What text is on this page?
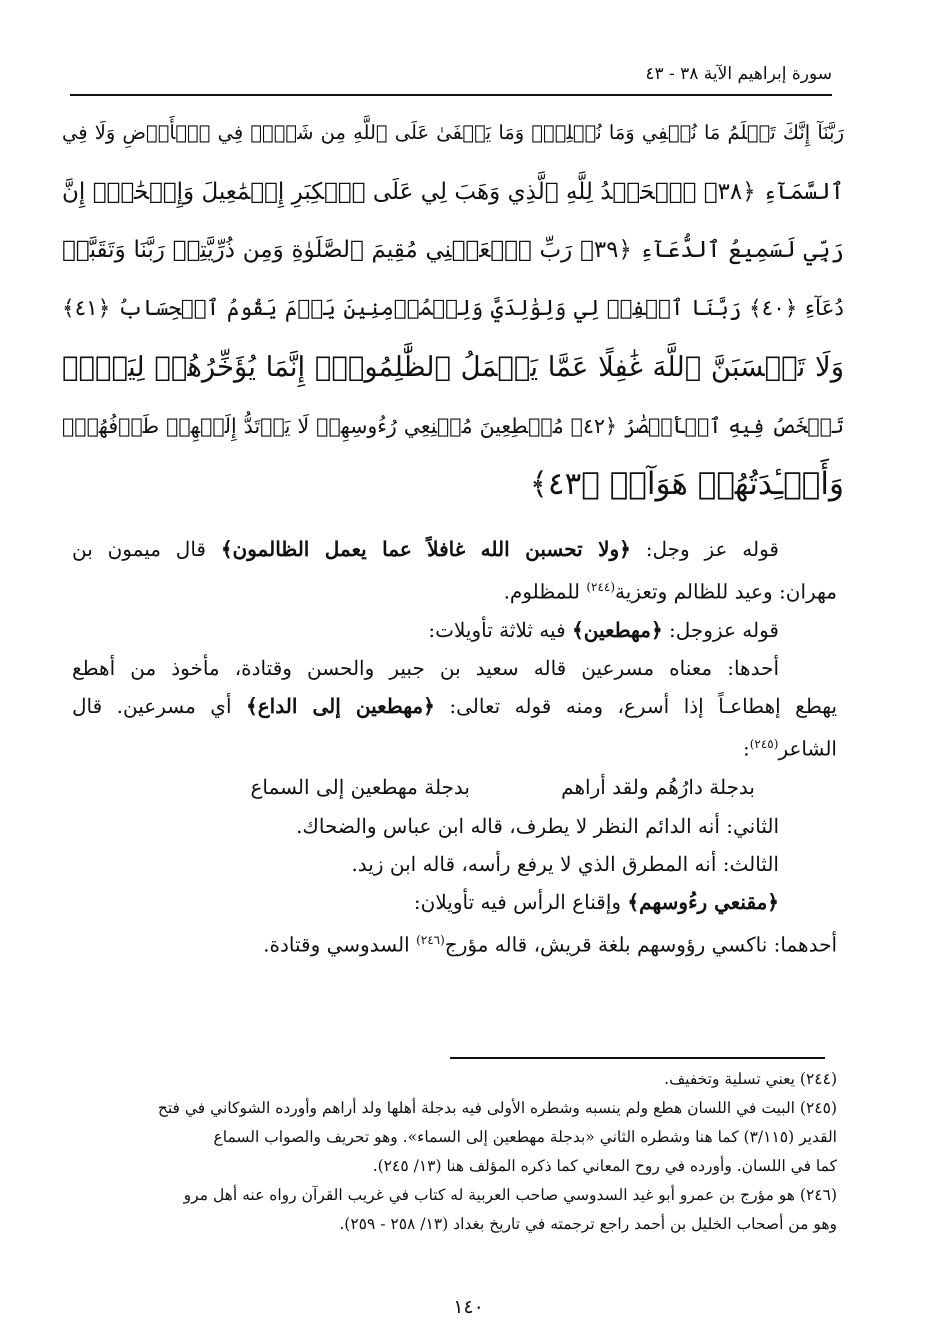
سورة إبراهيم الآية ٣٨ - ٤٣
رَبَّنَآ إِنَّكَ تَعۡلَمُ مَا نُخۡفِي وَمَا نُعۡلِنُۗ وَمَا يَخۡفَىٰ عَلَى ٱللَّهِ مِن شَيۡءٖ فِي ٱلۡأَرۡضِ وَلَا فِي
ٱلسَّمَآءِ ﴿٣٨﴾ ٱلۡحَمۡدُ لِلَّهِ ٱلَّذِي وَهَبَ لِي عَلَى ٱلۡكِبَرِ إِسۡمَٰعِيلَ وَإِسۡحَٰقَۚ إِنَّ
رَبِّي لَسَمِيعُ ٱلدُّعَآءِ ﴿٣٩﴾ رَبِّ ٱجۡعَلۡنِي مُقِيمَ ٱلصَّلَوٰةِ وَمِن ذُرِّيَّتِيۚ رَبَّنَا وَتَقَبَّلۡ
دُعَآءِ ﴿٤٠﴾ رَبَّنَا ٱغۡفِرۡ لِي وَلِوَٰلِدَيَّ وَلِلۡمُؤۡمِنِينَ يَوۡمَ يَقُومُ ٱلۡحِسَابُ ﴿٤١﴾
وَلَا تَحۡسَبَنَّ ٱللَّهَ غَٰفِلًا عَمَّا يَعۡمَلُ ٱلظَّٰلِمُونَۚ إِنَّمَا يُؤَخِّرُهُمۡ لِيَوۡمٖ
تَشۡخَصُ فِيهِ ٱلۡأَبۡصَٰرُ ﴿٤٢﴾ مُهۡطِعِينَ مُقۡنِعِي رُءُوسِهِمۡ لَا يَرۡتَدُّ إِلَيۡهِمۡ طَرۡفُهُمۡۖ
وَأَفۡـِٔدَتُهُمۡ هَوَآءٞ ﴿٤٣﴾

قوله عز وجل: ﴿ولا تحسبن الله غافلاً عما يعمل الظالمون﴾ قال ميمون بن

مهران: وعيد للظالم وتعزية$^{(٢٤٤)}$ للمظلوم.

قوله عزوجل: ﴿مهطعين﴾ فيه ثلاثة تأويلات:

أحدها: معناه مسرعين قاله سعيد بن جبير والحسن وقتادة، مأخوذ من أهطع

يهطع إهطاعـاً إذا أسرع، ومنه قوله تعالى: ﴿مهطعين إلى الداع﴾ أي مسرعين. قال

الشاعر$^{(٢٤٥)}$:

بدجلة دارُهُم ولقد أراهم
بدجلة مهطعين إلى السماع

الثاني: أنه الدائم النظر لا يطرف، قاله ابن عباس والضحاك.

الثالث: أنه المطرق الذي لا يرفع رأسه، قاله ابن زيد.

﴿مقنعي رءُوسهم﴾ وإقناع الرأس فيه تأويلان:

أحدهما: ناكسي رؤوسهم بلغة قريش، قاله مؤرج$^{(٢٤٦)}$ السدوسي وقتادة.

(٢٤٤) يعني تسلية وتخفيف.

(٢٤٥) البيت في اللسان هطع ولم ينسبه وشطره الأولى فيه بدجلة أهلها ولد أراهم وأورده الشوكاني في فتح

القدير (٣/١١٥) كما هنا وشطره الثاني «بدجلة مهطعين إلى السماء». وهو تحريف والصواب السماع

كما في اللسان. وأورده في روح المعاني كما ذكره المؤلف هنا (١٣/ ٢٤٥).

(٢٤٦) هو مؤرج بن عمرو أبو غيد السدوسي صاحب العربية له كتاب في غريب القرآن رواه عنه أهل مرو

وهو من أصحاب الخليل بن أحمد راجع ترجمته في تاريخ بغداد (١٣/ ٢٥٨ - ٢٥٩).

١٤٠
